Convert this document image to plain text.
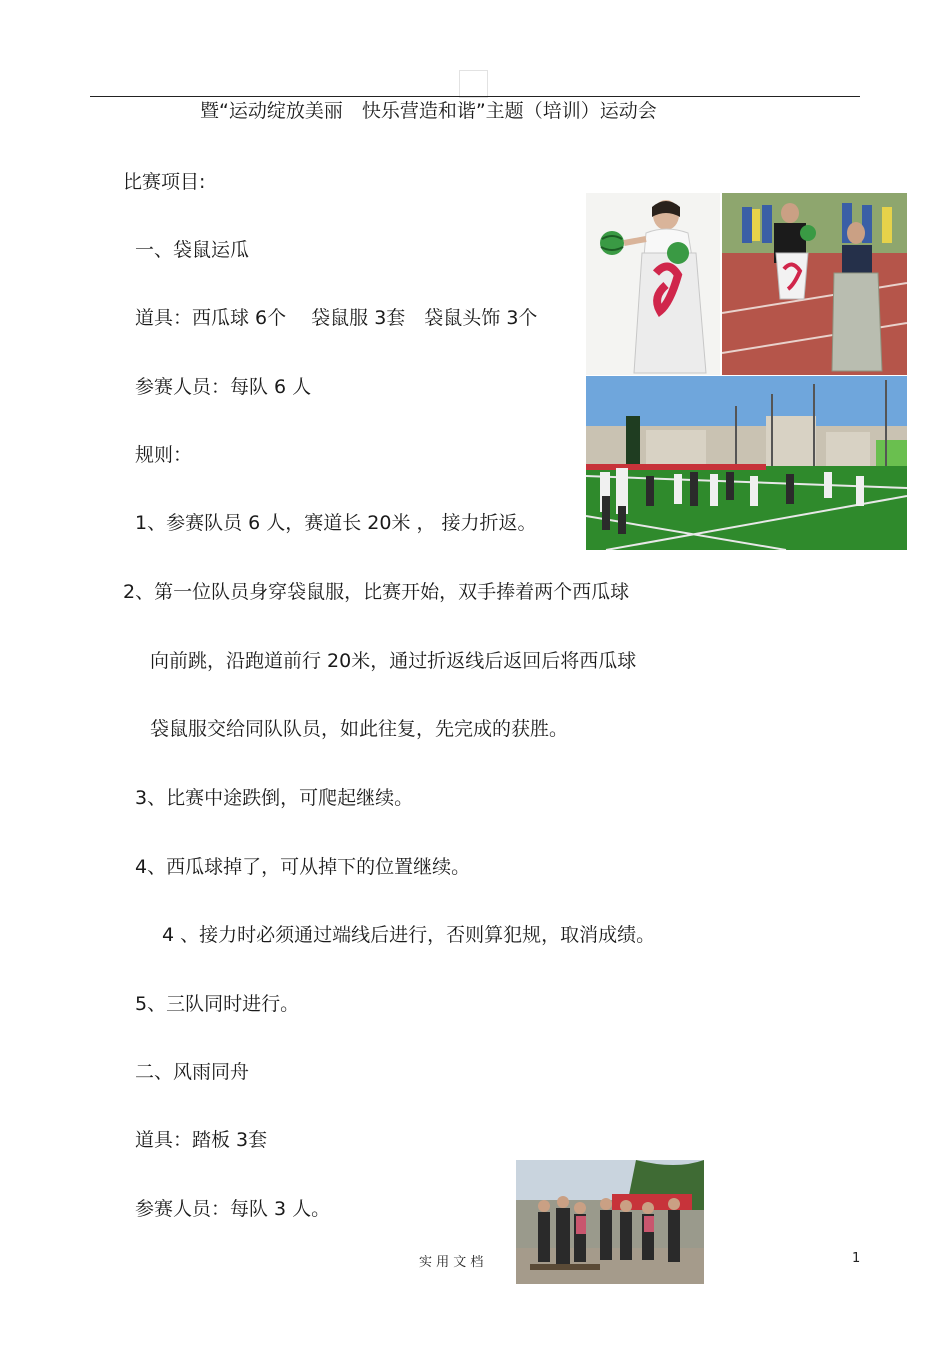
暨“运动绽放美丽　快乐营造和谐”主题（培训）运动会
比赛项目:
一、袋鼠运瓜
道具：西瓜球 6个　 袋鼠服 3套　袋鼠头饰 3个
参赛人员：每队 6 人
规则：
1、参赛队员 6 人，赛道长 20米 ， 接力折返。
2、第一位队员身穿袋鼠服，比赛开始，双手捧着两个西瓜球
向前跳，沿跑道前行 20米，通过折返线后返回后将西瓜球
袋鼠服交给同队队员，如此往复，先完成的获胜。
3、比赛中途跌倒，可爬起继续。
4、西瓜球掉了，可从掉下的位置继续。
4 、接力时必须通过端线后进行，否则算犯规，取消成绩。
5、三队同时进行。
二、风雨同舟
道具：踏板 3套
参赛人员：每队 3 人。
实 用 文 档	1
